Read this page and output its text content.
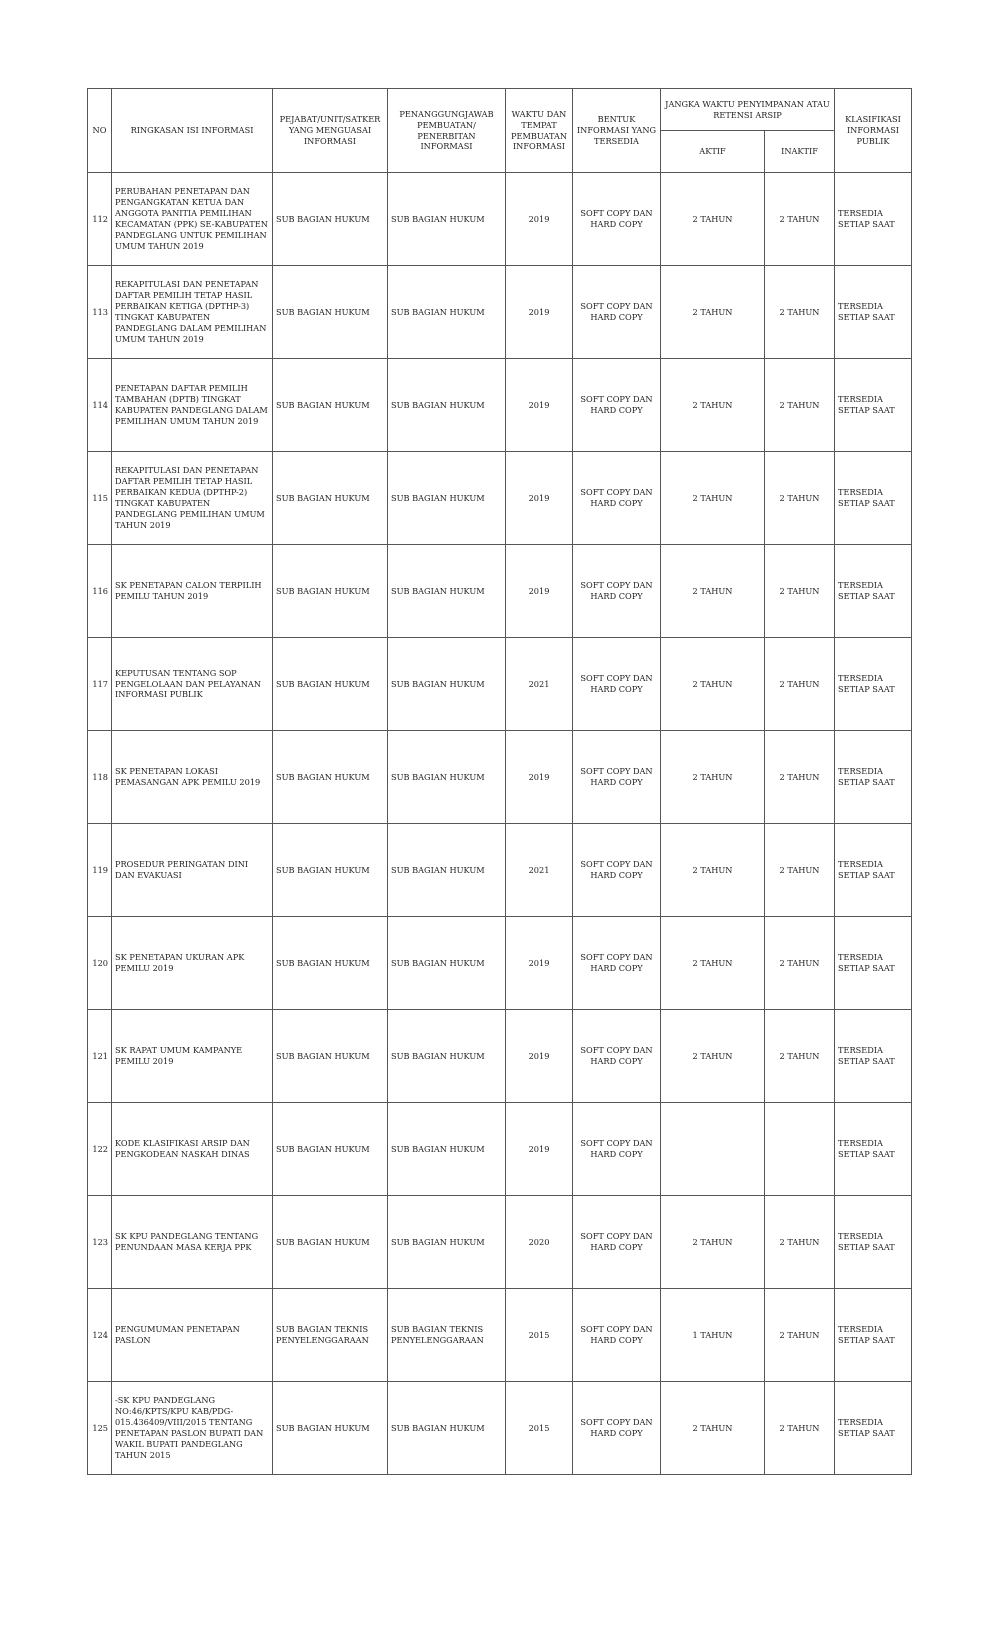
NO	RINGKASAN ISI INFORMASI	PEJABAT/UNIT/SATKER YANG MENGUASAI INFORMASI	PENANGGUNGJAWAB PEMBUATAN/ PENERBITAN INFORMASI	WAKTU DAN TEMPAT PEMBUATAN INFORMASI	BENTUK INFORMASI YANG TERSEDIA	JANGKA WAKTU PENYIMPANAN ATAU RETENSI ARSIP		KLASIFIKASI INFORMASI PUBLIK
						AKTIF	INAKTIF	
112	PERUBAHAN PENETAPAN DAN PENGANGKATAN KETUA DAN ANGGOTA PANITIA PEMILIHAN KECAMATAN (PPK) SE-KABUPATEN PANDEGLANG UNTUK PEMILIHAN UMUM TAHUN 2019	SUB BAGIAN HUKUM	SUB BAGIAN HUKUM	2019	SOFT COPY DAN HARD COPY	2 TAHUN	2 TAHUN	TERSEDIA SETIAP SAAT
113	REKAPITULASI DAN PENETAPAN DAFTAR PEMILIH TETAP HASIL PERBAIKAN KETIGA (DPTHP-3) TINGKAT KABUPATEN PANDEGLANG DALAM PEMILIHAN UMUM TAHUN 2019	SUB BAGIAN HUKUM	SUB BAGIAN HUKUM	2019	SOFT COPY DAN HARD COPY	2 TAHUN	2 TAHUN	TERSEDIA SETIAP SAAT
114	PENETAPAN DAFTAR PEMILIH TAMBAHAN (DPTB) TINGKAT KABUPATEN PANDEGLANG DALAM PEMILIHAN UMUM TAHUN 2019	SUB BAGIAN HUKUM	SUB BAGIAN HUKUM	2019	SOFT COPY DAN HARD COPY	2 TAHUN	2 TAHUN	TERSEDIA SETIAP SAAT
115	REKAPITULASI DAN PENETAPAN DAFTAR PEMILIH TETAP HASIL PERBAIKAN KEDUA (DPTHP-2) TINGKAT KABUPATEN PANDEGLANG PEMILIHAN UMUM TAHUN 2019	SUB BAGIAN HUKUM	SUB BAGIAN HUKUM	2019	SOFT COPY DAN HARD COPY	2 TAHUN	2 TAHUN	TERSEDIA SETIAP SAAT
116	SK PENETAPAN CALON TERPILIH PEMILU TAHUN 2019	SUB BAGIAN HUKUM	SUB BAGIAN HUKUM	2019	SOFT COPY DAN HARD COPY	2 TAHUN	2 TAHUN	TERSEDIA SETIAP SAAT
117	KEPUTUSAN TENTANG SOP PENGELOLAAN DAN PELAYANAN INFORMASI PUBLIK	SUB BAGIAN HUKUM	SUB BAGIAN HUKUM	2021	SOFT COPY DAN HARD COPY	2 TAHUN	2 TAHUN	TERSEDIA SETIAP SAAT
118	SK PENETAPAN LOKASI PEMASANGAN APK PEMILU 2019	SUB BAGIAN HUKUM	SUB BAGIAN HUKUM	2019	SOFT COPY DAN HARD COPY	2 TAHUN	2 TAHUN	TERSEDIA SETIAP SAAT
119	PROSEDUR PERINGATAN DINI DAN EVAKUASI	SUB BAGIAN HUKUM	SUB BAGIAN HUKUM	2021	SOFT COPY DAN HARD COPY	2 TAHUN	2 TAHUN	TERSEDIA SETIAP SAAT
120	SK PENETAPAN UKURAN APK PEMILU 2019	SUB BAGIAN HUKUM	SUB BAGIAN HUKUM	2019	SOFT COPY DAN HARD COPY	2 TAHUN	2 TAHUN	TERSEDIA SETIAP SAAT
121	SK RAPAT UMUM KAMPANYE PEMILU 2019	SUB BAGIAN HUKUM	SUB BAGIAN HUKUM	2019	SOFT COPY DAN HARD COPY	2 TAHUN	2 TAHUN	TERSEDIA SETIAP SAAT
122	KODE KLASIFIKASI ARSIP DAN PENGKODEAN NASKAH DINAS	SUB BAGIAN HUKUM	SUB BAGIAN HUKUM	2019	SOFT COPY DAN HARD COPY			TERSEDIA SETIAP SAAT
123	SK KPU PANDEGLANG TENTANG PENUNDAAN MASA KERJA PPK	SUB BAGIAN HUKUM	SUB BAGIAN HUKUM	2020	SOFT COPY DAN HARD COPY	2 TAHUN	2 TAHUN	TERSEDIA SETIAP SAAT
124	PENGUMUMAN PENETAPAN PASLON	SUB BAGIAN TEKNIS PENYELENGGARAAN	SUB BAGIAN TEKNIS PENYELENGGARAAN	2015	SOFT COPY DAN HARD COPY	1 TAHUN	2 TAHUN	TERSEDIA SETIAP SAAT
125	-SK KPU PANDEGLANG NO:46/KPTS/KPU KAB/PDG-015.436409/VIII/2015 TENTANG PENETAPAN PASLON BUPATI DAN WAKIL BUPATI PANDEGLANG TAHUN 2015	SUB BAGIAN HUKUM	SUB BAGIAN HUKUM	2015	SOFT COPY DAN HARD COPY	2 TAHUN	2 TAHUN	TERSEDIA SETIAP SAAT
